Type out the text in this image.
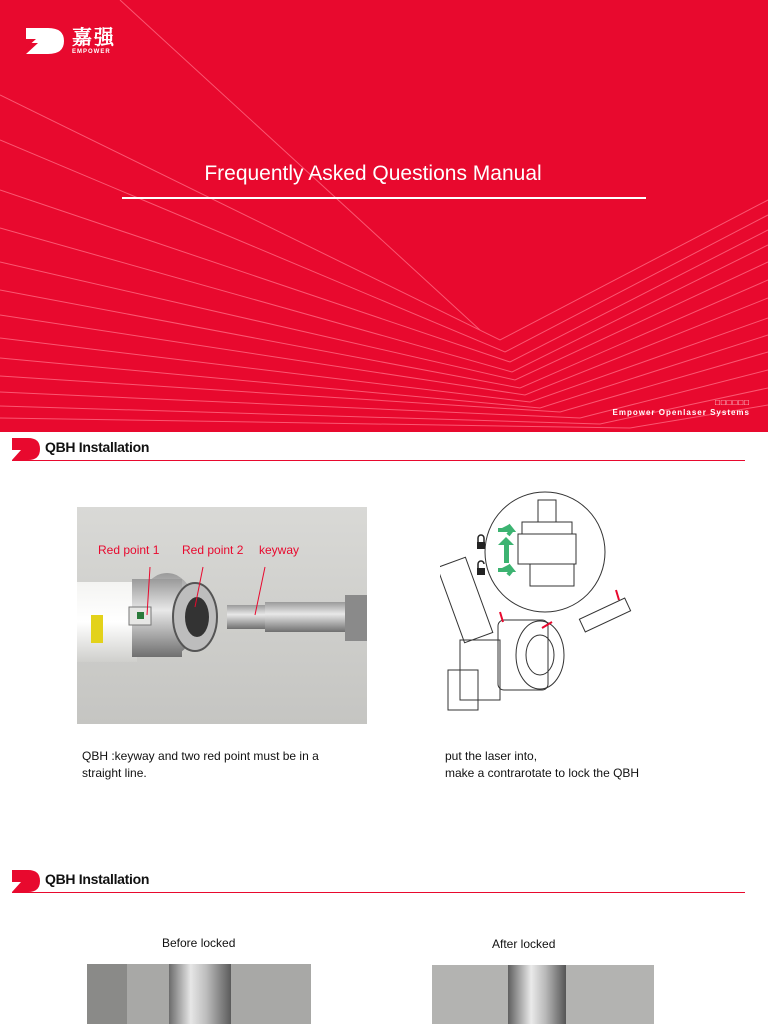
嘉强
EMPOWER
Frequently Asked Questions Manual
□□□□□□
Empower Openlaser Systems
QBH Installation
Red point 1 Red point 2 keyway
QBH :keyway and two red point must be in a
straight line.
put the laser into,
make a contrarotate to lock the QBH
QBH Installation
Before locked	After locked
